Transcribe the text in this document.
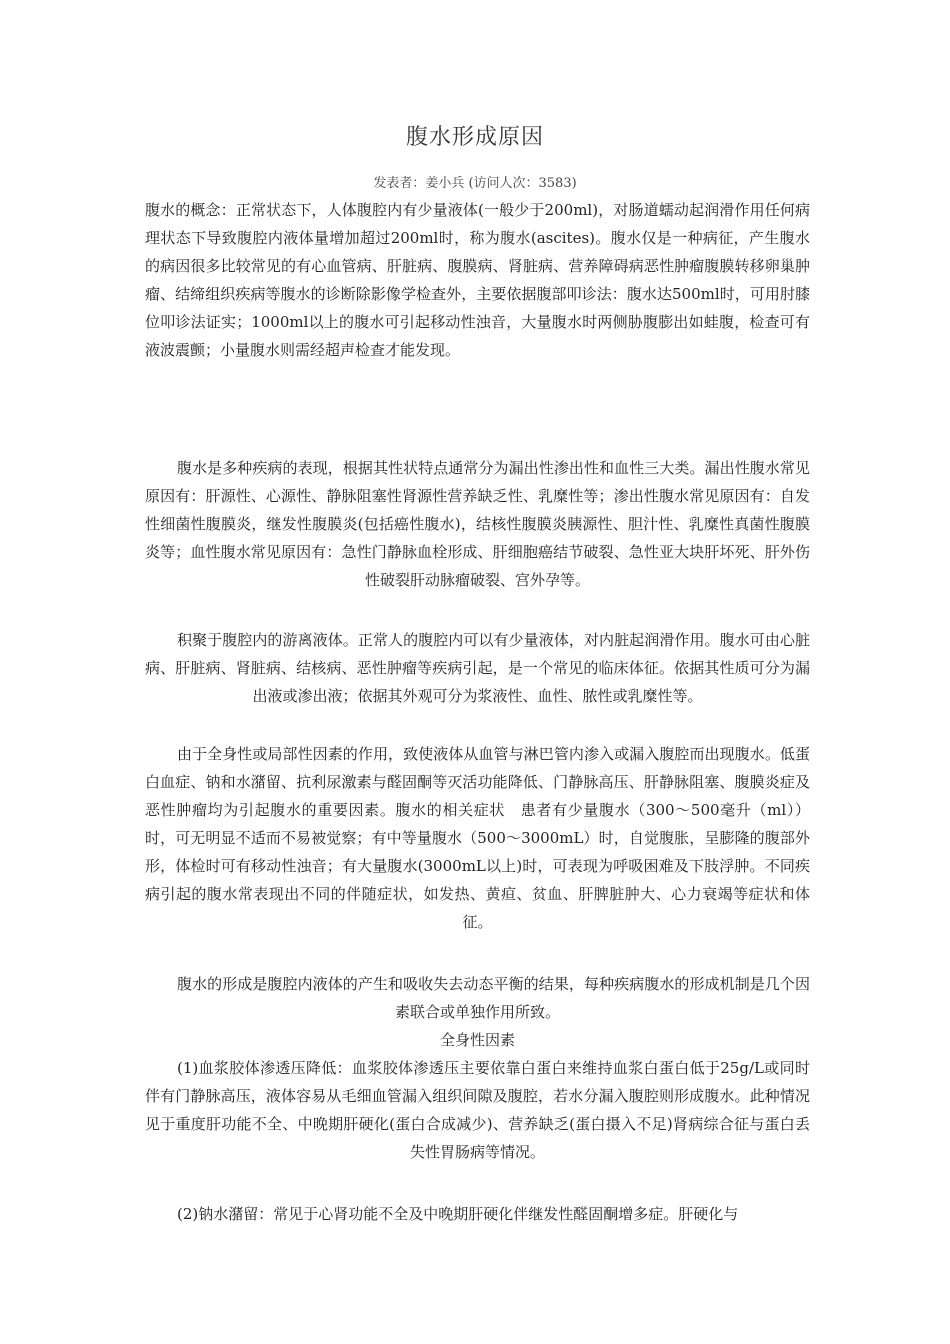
腹水形成原因
发表者：姜小兵 (访问人次：3583)
腹水的概念：正常状态下，人体腹腔内有少量液体(一般少于200ml)，对肠道蠕动起润滑作用任何病理状态下导致腹腔内液体量增加超过200ml时，称为腹水(ascites)。腹水仅是一种病征，产生腹水的病因很多比较常见的有心血管病、肝脏病、腹膜病、肾脏病、营养障碍病恶性肿瘤腹膜转移卵巢肿瘤、结缔组织疾病等腹水的诊断除影像学检查外，主要依据腹部叩诊法：腹水达500ml时，可用肘膝位叩诊法证实；1000ml以上的腹水可引起移动性浊音，大量腹水时两侧胁腹膨出如蛙腹，检查可有液波震颤；小量腹水则需经超声检查才能发现。
腹水是多种疾病的表现，根据其性状特点通常分为漏出性渗出性和血性三大类。漏出性腹水常见原因有：肝源性、心源性、静脉阻塞性肾源性营养缺乏性、乳糜性等；渗出性腹水常见原因有：自发性细菌性腹膜炎，继发性腹膜炎(包括癌性腹水)，结核性腹膜炎胰源性、胆汁性、乳糜性真菌性腹膜炎等；血性腹水常见原因有：急性门静脉血栓形成、肝细胞癌结节破裂、急性亚大块肝坏死、肝外伤性破裂肝动脉瘤破裂、宫外孕等。
积聚于腹腔内的游离液体。正常人的腹腔内可以有少量液体，对内脏起润滑作用。腹水可由心脏病、肝脏病、肾脏病、结核病、恶性肿瘤等疾病引起，是一个常见的临床体征。依据其性质可分为漏出液或渗出液；依据其外观可分为浆液性、血性、脓性或乳糜性等。
由于全身性或局部性因素的作用，致使液体从血管与淋巴管内渗入或漏入腹腔而出现腹水。低蛋白血症、钠和水潴留、抗利尿激素与醛固酮等灭活功能降低、门静脉高压、肝静脉阻塞、腹膜炎症及恶性肿瘤均为引起腹水的重要因素。腹水的相关症状　患者有少量腹水（300～500毫升（ml））时，可无明显不适而不易被觉察；有中等量腹水（500～3000mL）时，自觉腹胀，呈膨隆的腹部外形，体检时可有移动性浊音；有大量腹水(3000mL以上)时，可表现为呼吸困难及下肢浮肿。不同疾病引起的腹水常表现出不同的伴随症状，如发热、黄疸、贫血、肝脾脏肿大、心力衰竭等症状和体征。
腹水的形成是腹腔内液体的产生和吸收失去动态平衡的结果，每种疾病腹水的形成机制是几个因素联合或单独作用所致。
全身性因素
(1)血浆胶体渗透压降低：血浆胶体渗透压主要依靠白蛋白来维持血浆白蛋白低于25g/L或同时伴有门静脉高压，液体容易从毛细血管漏入组织间隙及腹腔，若水分漏入腹腔则形成腹水。此种情况见于重度肝功能不全、中晚期肝硬化(蛋白合成减少)、营养缺乏(蛋白摄入不足)肾病综合征与蛋白丢失性胃肠病等情况。
(2)钠水潴留：常见于心肾功能不全及中晚期肝硬化伴继发性醛固酮增多症。肝硬化与
